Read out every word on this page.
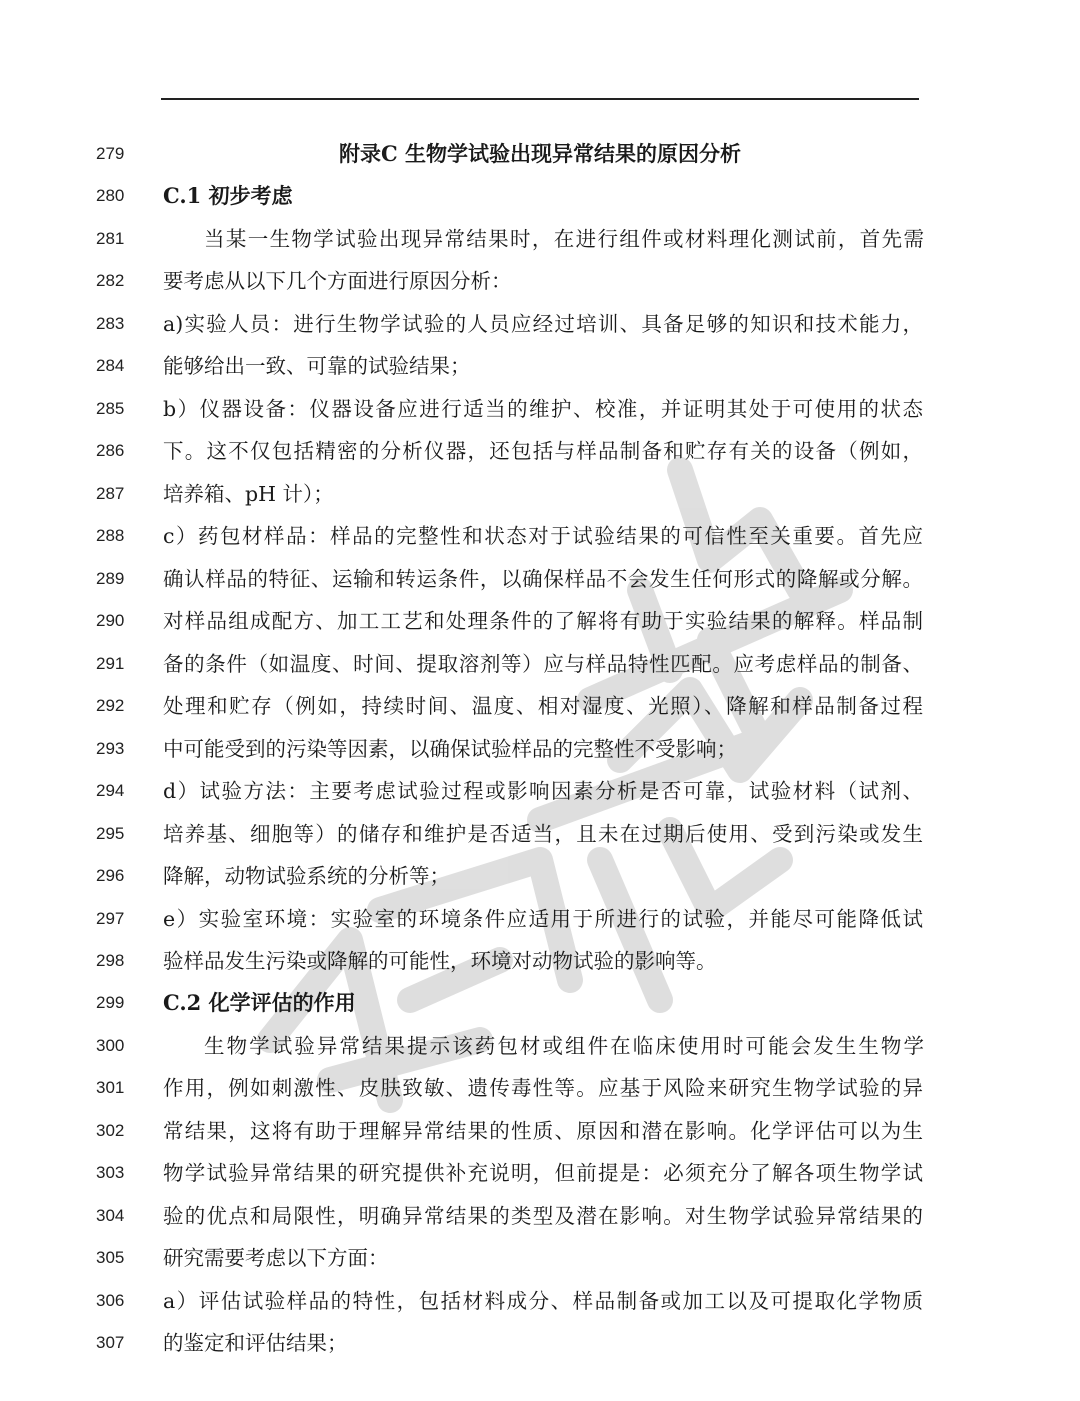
279	附录C 生物学试验出现异常结果的原因分析
280	C.1 初步考虑
281	当某一生物学试验出现异常结果时，在进行组件或材料理化测试前，首先需
282	要考虑从以下几个方面进行原因分析：
283	a)实验人员：进行生物学试验的人员应经过培训、具备足够的知识和技术能力，
284	能够给出一致、可靠的试验结果；
285	b）仪器设备：仪器设备应进行适当的维护、校准，并证明其处于可使用的状态
286	下。这不仅包括精密的分析仪器，还包括与样品制备和贮存有关的设备（例如，
287	培养箱、pH 计）；
288	c）药包材样品：样品的完整性和状态对于试验结果的可信性至关重要。首先应
289	确认样品的特征、运输和转运条件，以确保样品不会发生任何形式的降解或分解。
290	对样品组成配方、加工工艺和处理条件的了解将有助于实验结果的解释。样品制
291	备的条件（如温度、时间、提取溶剂等）应与样品特性匹配。应考虑样品的制备、
292	处理和贮存（例如，持续时间、温度、相对湿度、光照）、降解和样品制备过程
293	中可能受到的污染等因素，以确保试验样品的完整性不受影响；
294	d）试验方法：主要考虑试验过程或影响因素分析是否可靠，试验材料（试剂、
295	培养基、细胞等）的储存和维护是否适当，且未在过期后使用、受到污染或发生
296	降解，动物试验系统的分析等；
297	e）实验室环境：实验室的环境条件应适用于所进行的试验，并能尽可能降低试
298	验样品发生污染或降解的可能性，环境对动物试验的影响等。
299	C.2 化学评估的作用
300	生物学试验异常结果提示该药包材或组件在临床使用时可能会发生生物学
301	作用，例如刺激性、皮肤致敏、遗传毒性等。应基于风险来研究生物学试验的异
302	常结果，这将有助于理解异常结果的性质、原因和潜在影响。化学评估可以为生
303	物学试验异常结果的研究提供补充说明，但前提是：必须充分了解各项生物学试
304	验的优点和局限性，明确异常结果的类型及潜在影响。对生物学试验异常结果的
305	研究需要考虑以下方面：
306	a）评估试验样品的特性，包括材料成分、样品制备或加工以及可提取化学物质
307	的鉴定和评估结果；
